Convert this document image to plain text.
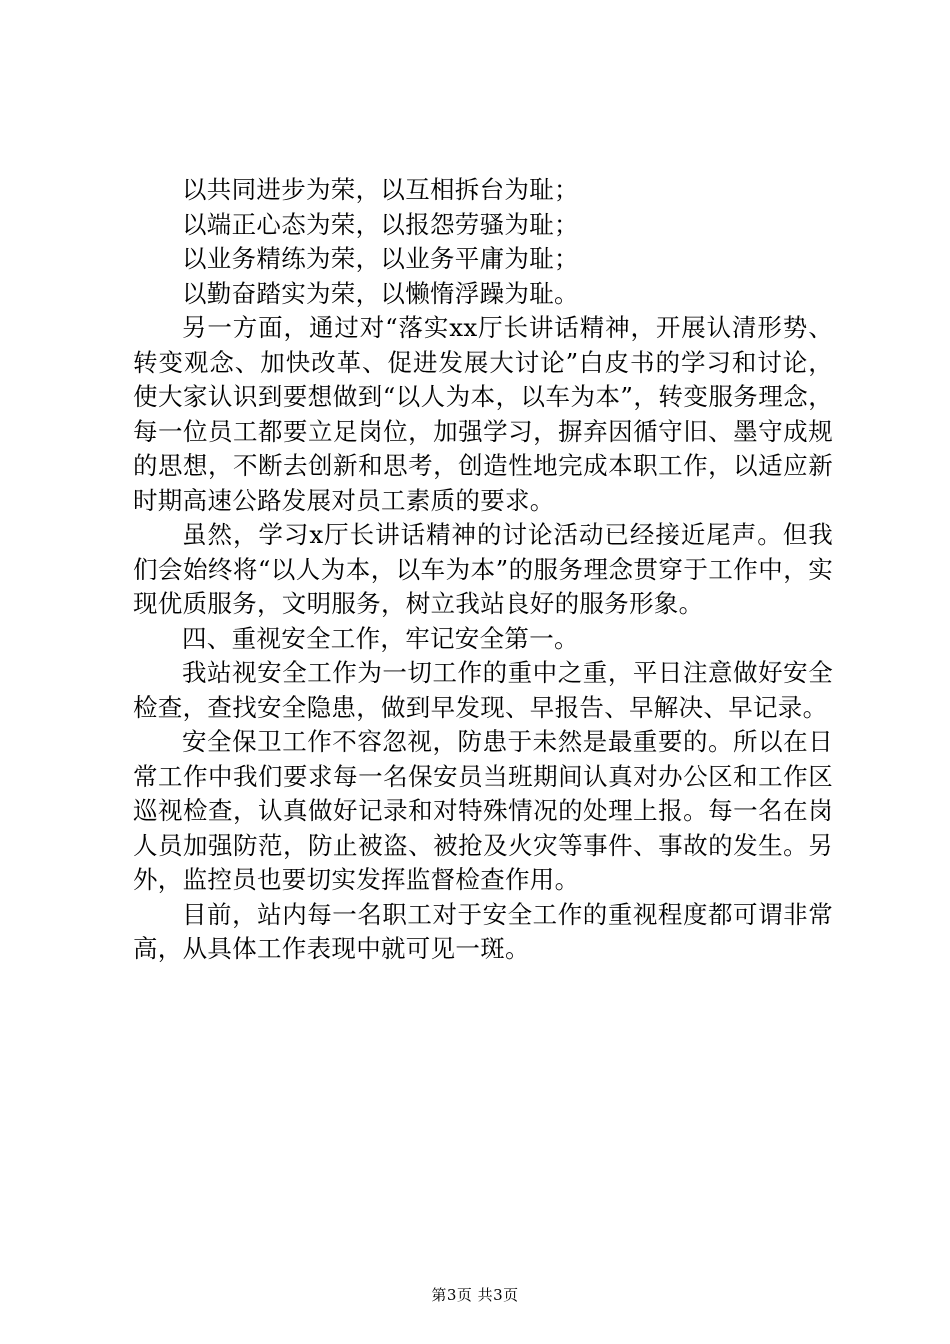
以共同进步为荣，以互相拆台为耻；

以端正心态为荣，以报怨劳骚为耻；

以业务精练为荣，以业务平庸为耻；

以勤奋踏实为荣，以懒惰浮躁为耻。

另一方面，通过对“落实xx厅长讲话精神，开展认清形势、转变观念、加快改革、促进发展大讨论”白皮书的学习和讨论，使大家认识到要想做到“以人为本，以车为本”，转变服务理念，每一位员工都要立足岗位，加强学习，摒弃因循守旧、墨守成规的思想，不断去创新和思考，创造性地完成本职工作，以适应新时期高速公路发展对员工素质的要求。

虽然，学习x厅长讲话精神的讨论活动已经接近尾声。但我们会始终将“以人为本，以车为本”的服务理念贯穿于工作中，实现优质服务，文明服务，树立我站良好的服务形象。

四、重视安全工作，牢记安全第一。

我站视安全工作为一切工作的重中之重，平日注意做好安全检查，查找安全隐患，做到早发现、早报告、早解决、早记录。

安全保卫工作不容忽视，防患于未然是最重要的。所以在日常工作中我们要求每一名保安员当班期间认真对办公区和工作区巡视检查，认真做好记录和对特殊情况的处理上报。每一名在岗人员加强防范，防止被盗、被抢及火灾等事件、事故的发生。另外，监控员也要切实发挥监督检查作用。

目前，站内每一名职工对于安全工作的重视程度都可谓非常高，从具体工作表现中就可见一斑。

第3页 共3页
